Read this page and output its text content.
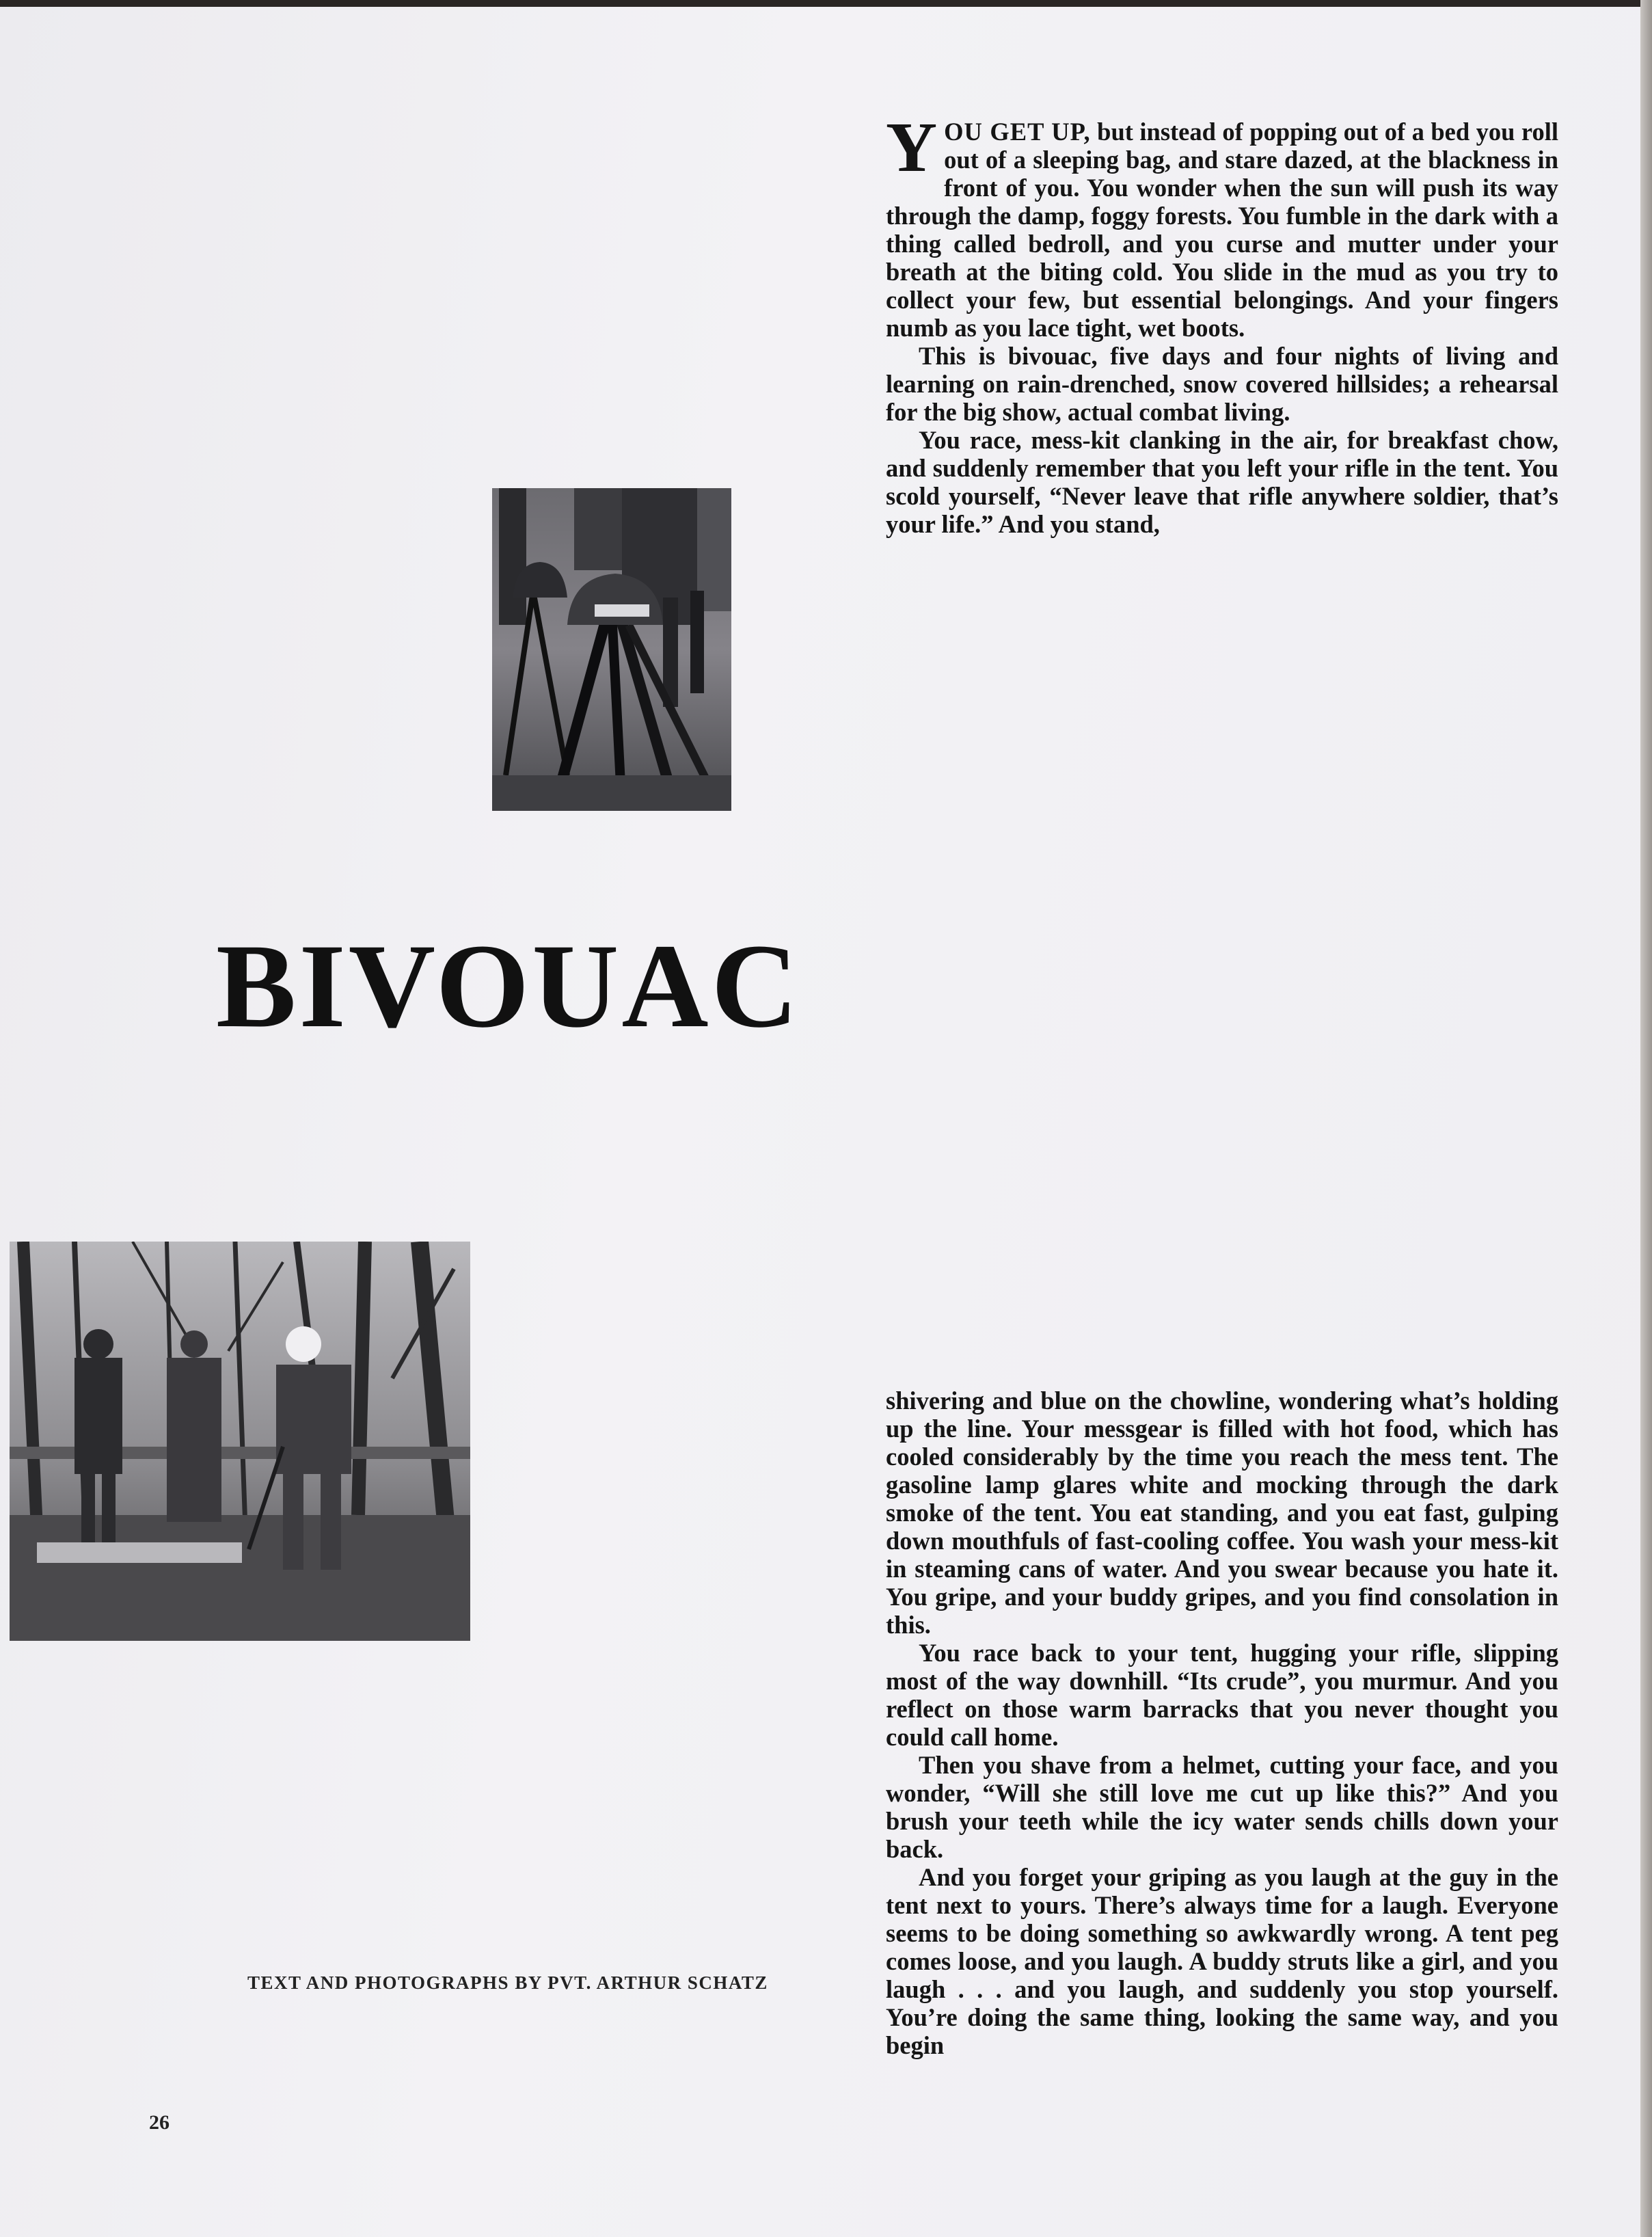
YOU GET UP, but instead of popping out of a bed you roll out of a sleeping bag, and stare dazed, at the blackness in front of you. You wonder when the sun will push its way through the damp, foggy forests. You fumble in the dark with a thing called bedroll, and you curse and mutter under your breath at the biting cold. You slide in the mud as you try to collect your few, but essential belongings. And your fingers numb as you lace tight, wet boots.

This is bivouac, five days and four nights of living and learning on rain-drenched, snow covered hillsides; a rehearsal for the big show, actual combat living.

You race, mess-kit clanking in the air, for breakfast chow, and suddenly remember that you left your rifle in the tent. You scold yourself, “Never leave that rifle anywhere soldier, that’s your life.” And you stand,

BIVOUAC

shivering and blue on the chowline, wondering what’s holding up the line. Your messgear is filled with hot food, which has cooled considerably by the time you reach the mess tent. The gasoline lamp glares white and mocking through the dark smoke of the tent. You eat standing, and you eat fast, gulping down mouthfuls of fast-cooling coffee. You wash your mess-kit in steaming cans of water. And you swear because you hate it. You gripe, and your buddy gripes, and you find consolation in this.

You race back to your tent, hugging your rifle, slipping most of the way downhill. “Its crude”, you murmur. And you reflect on those warm barracks that you never thought you could call home.

Then you shave from a helmet, cutting your face, and you wonder, “Will she still love me cut up like this?” And you brush your teeth while the icy water sends chills down your back.

And you forget your griping as you laugh at the guy in the tent next to yours. There’s always time for a laugh. Everyone seems to be doing something so awkwardly wrong. A tent peg comes loose, and you laugh. A buddy struts like a girl, and you laugh . . . and you laugh, and suddenly you stop yourself. You’re doing the same thing, looking the same way, and you begin

TEXT AND PHOTOGRAPHS BY PVT. ARTHUR SCHATZ

26
